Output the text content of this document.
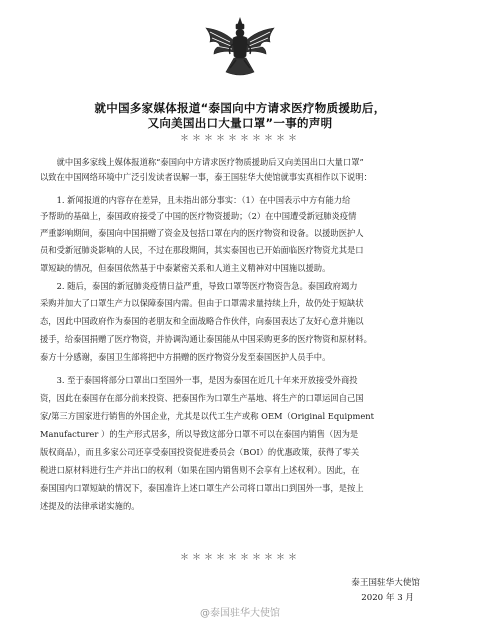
就中国多家媒体报道“泰国向中方请求医疗物质援助后，
又向美国出口大量口罩”一事的声明
＊＊＊＊＊＊＊＊＊＊
　　就中国多家线上媒体报道称“泰国向中方请求医疗物质援助后又向美国出口大量口罩”
以致在中国网络环境中广泛引发读者误解一事，泰王国驻华大使馆就事实真相作以下说明：
　　1. 新闻报道的内容存在差异，且未指出部分事实：（1）在中国表示中方有能力给
予帮助的基础上，泰国政府接受了中国的医疗物资援助；（2）在中国遭受新冠肺炎疫情
严重影响期间，泰国向中国捐赠了资金及包括口罩在内的医疗物资和设备。以援助医护人
员和受新冠肺炎影响的人民，不过在那段期间，其实泰国也已开始面临医疗物资尤其是口
罩短缺的情况，但泰国依然基于中泰紧密关系和人道主义精神对中国施以援助。
　　2. 随后，泰国的新冠肺炎疫情日益严重，导致口罩等医疗物资告急。泰国政府竭力
采购并加大了口罩生产力以保障泰国内需。但由于口罩需求量持续上升，故仍处于短缺状
态，因此中国政府作为泰国的老朋友和全面战略合作伙伴，向泰国表达了友好心意并施以
援手，给泰国捐赠了医疗物资，并协调沟通让泰国能从中国采购更多的医疗物资和原材料。
泰方十分感谢，泰国卫生部将把中方捐赠的医疗物资分发至泰国医护人员手中。
　　3. 至于泰国将部分口罩出口至国外一事，是因为泰国在近几十年来开放接受外商投
资，因此在泰国存在部分前来投资、把泰国作为口罩生产基地、将生产的口罩运回自己国
家/第三方国家进行销售的外国企业，尤其是以代工生产或称 OEM（Original Equipment
Manufacturer ）的生产形式居多，所以导致这部分口罩不可以在泰国内销售（因为是
版权商品），而且多家公司还享受泰国投资促进委员会（BOI）的优惠政策，获得了零关
税进口原材料进行生产并出口的权利（如果在国内销售则不会享有上述权利）。因此，在
泰国国内口罩短缺的情况下，泰国准许上述口罩生产公司将口罩出口到国外一事，是按上
述提及的法律承诺实施的。
＊＊＊＊＊＊＊＊＊＊
泰王国驻华大使馆
2020 年 3 月
@泰国驻华大使馆
